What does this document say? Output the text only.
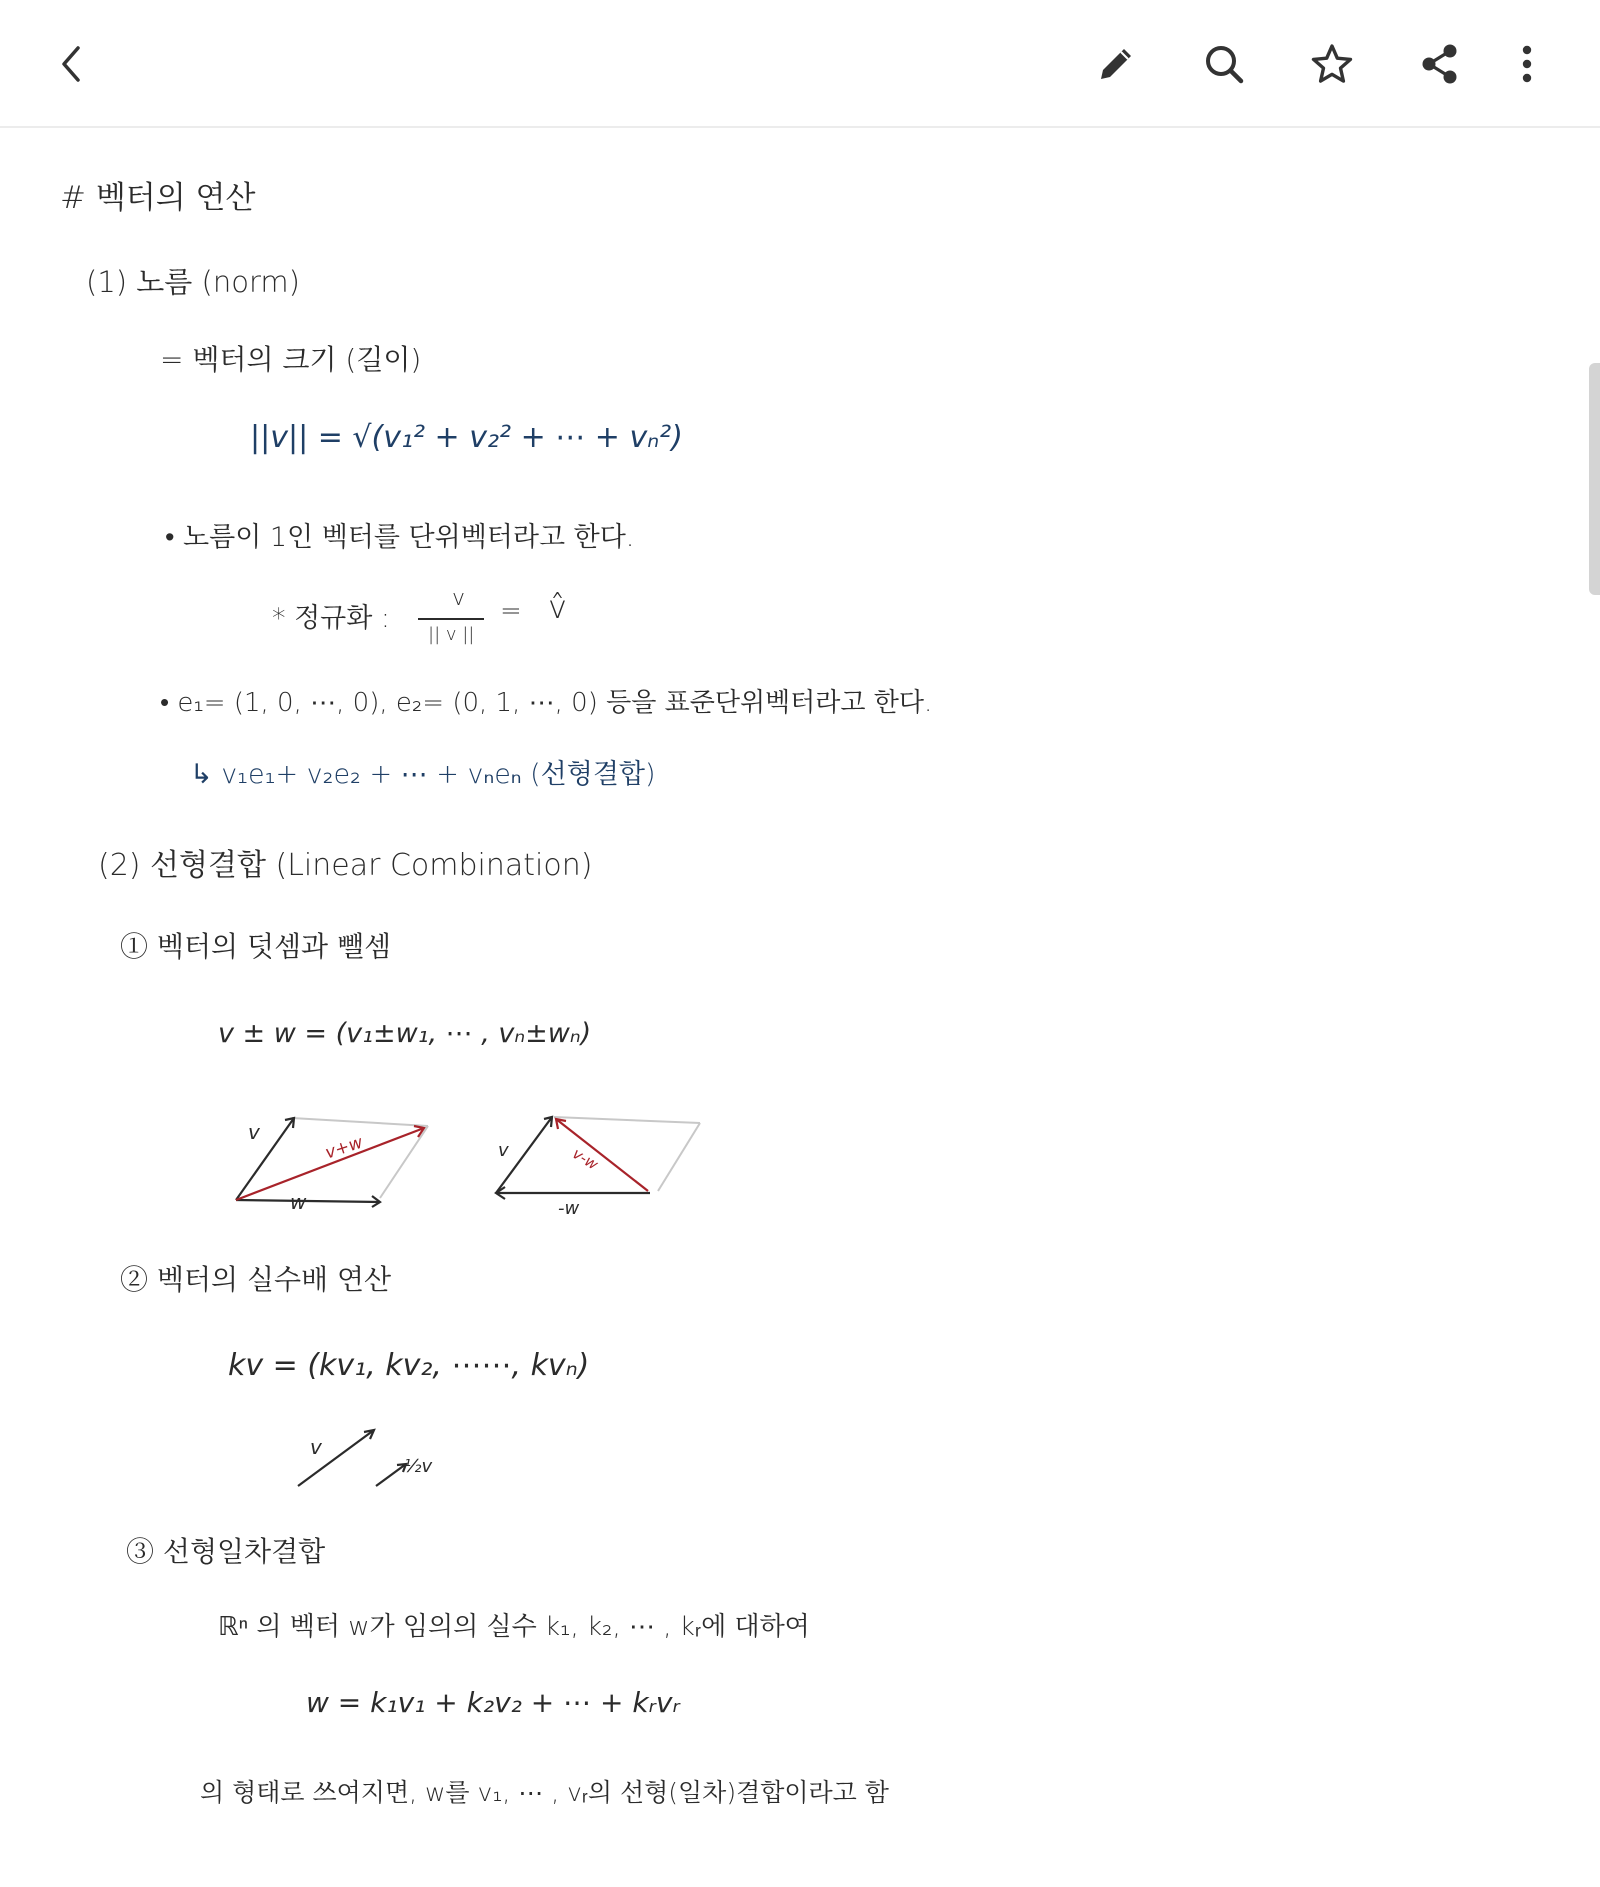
# 벡터의 연산
(1) 노름 (norm)
= 벡터의 크기 (길이)
||v|| = √(v₁² + v₂² + ⋯ + vₙ²)
• 노름이 1인 벡터를 단위벡터라고 한다.
* 정규화 :
v
|| v ||
= v̂
• e₁= (1, 0, ⋯, 0), e₂= (0, 1, ⋯, 0) 등을 표준단위벡터라고 한다.
↳ v₁e₁+ v₂e₂ + ⋯ + vₙeₙ (선형결합)
(2) 선형결합 (Linear Combination)
① 벡터의 덧셈과 뺄셈
v ± w = (v₁±w₁, ⋯ , vₙ±wₙ)
v
w
v+w	v
-w
v-w
② 벡터의 실수배 연산
kv = (kv₁, kv₂, ⋯⋯, kvₙ)
v
½v
③ 선형일차결합
ℝⁿ 의 벡터 w가 임의의 실수 k₁, k₂, ⋯ , kᵣ에 대하여
w = k₁v₁ + k₂v₂ + ⋯ + kᵣvᵣ
의 형태로 쓰여지면, w를 v₁, ⋯ , vᵣ의 선형(일차)결합이라고 함
